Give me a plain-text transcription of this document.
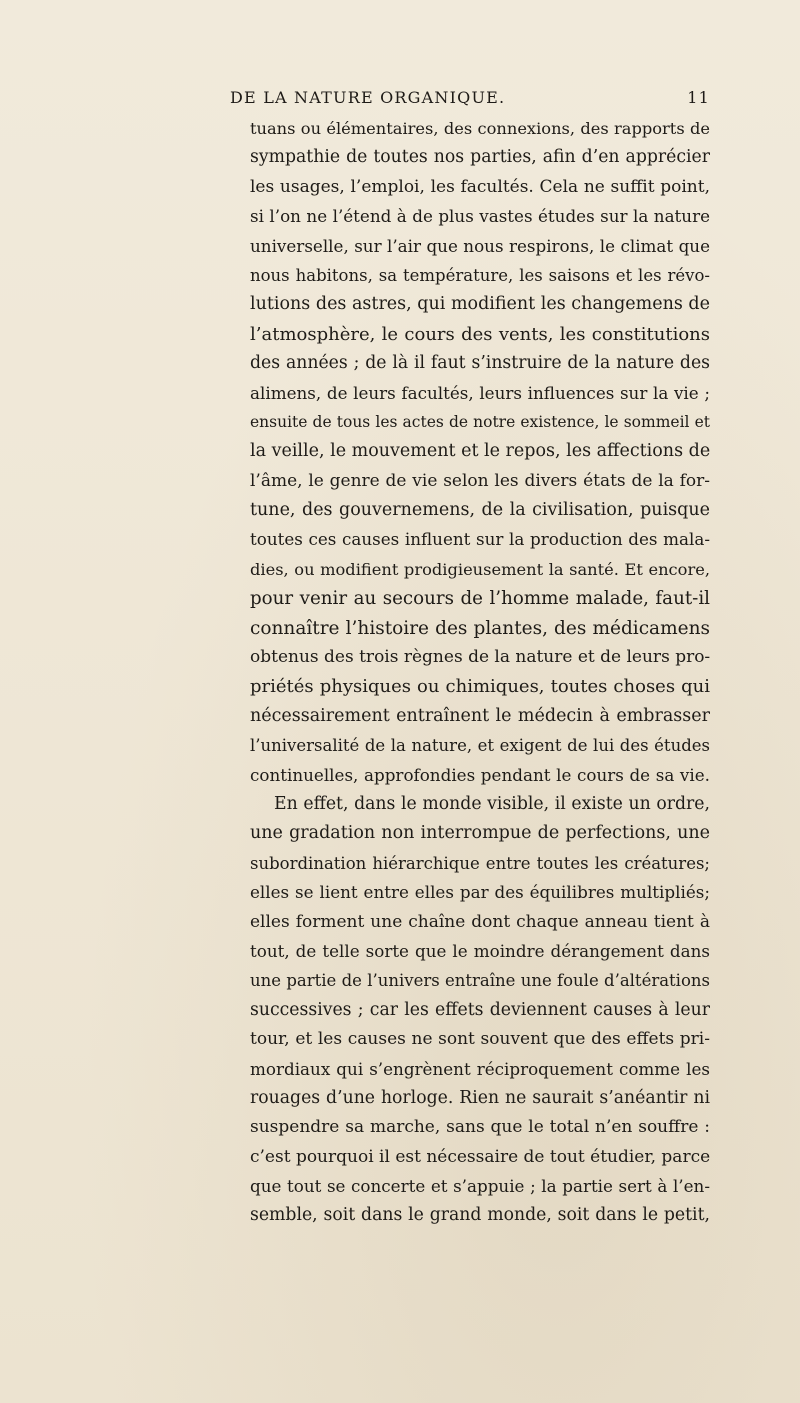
DE LA NATURE ORGANIQUE.	11
tuans ou élémentaires, des connexions, des rapports de
sympathie de toutes nos parties, afin d’en apprécier
les usages, l’emploi, les facultés. Cela ne suffit point,
si l’on ne l’étend à de plus vastes études sur la nature
universelle, sur l’air que nous respirons, le climat que
nous habitons, sa température, les saisons et les révo-
lutions des astres, qui modifient les changemens de
l’atmosphère, le cours des vents, les constitutions
des années ; de là il faut s’instruire de la nature des
alimens, de leurs facultés, leurs influences sur la vie ;
ensuite de tous les actes de notre existence, le sommeil et
la veille, le mouvement et le repos, les affections de
l’âme, le genre de vie selon les divers états de la for-
tune, des gouvernemens, de la civilisation, puisque
toutes ces causes influent sur la production des mala-
dies, ou modifient prodigieusement la santé. Et encore,
pour venir au secours de l’homme malade, faut-il
connaître l’histoire des plantes, des médicamens
obtenus des trois règnes de la nature et de leurs pro-
priétés physiques ou chimiques, toutes choses qui
nécessairement entraînent le médecin à embrasser
l’universalité de la nature, et exigent de lui des études
continuelles, approfondies pendant le cours de sa vie.
En effet, dans le monde visible, il existe un ordre,
une gradation non interrompue de perfections, une
subordination hiérarchique entre toutes les créatures;
elles se lient entre elles par des équilibres multipliés;
elles forment une chaîne dont chaque anneau tient à
tout, de telle sorte que le moindre dérangement dans
une partie de l’univers entraîne une foule d’altérations
successives ; car les effets deviennent causes à leur
tour, et les causes ne sont souvent que des effets pri-
mordiaux qui s’engrènent réciproquement comme les
rouages d’une horloge. Rien ne saurait s’anéantir ni
suspendre sa marche, sans que le total n’en souffre :
c’est pourquoi il est nécessaire de tout étudier, parce
que tout se concerte et s’appuie ; la partie sert à l’en-
semble, soit dans le grand monde, soit dans le petit,
